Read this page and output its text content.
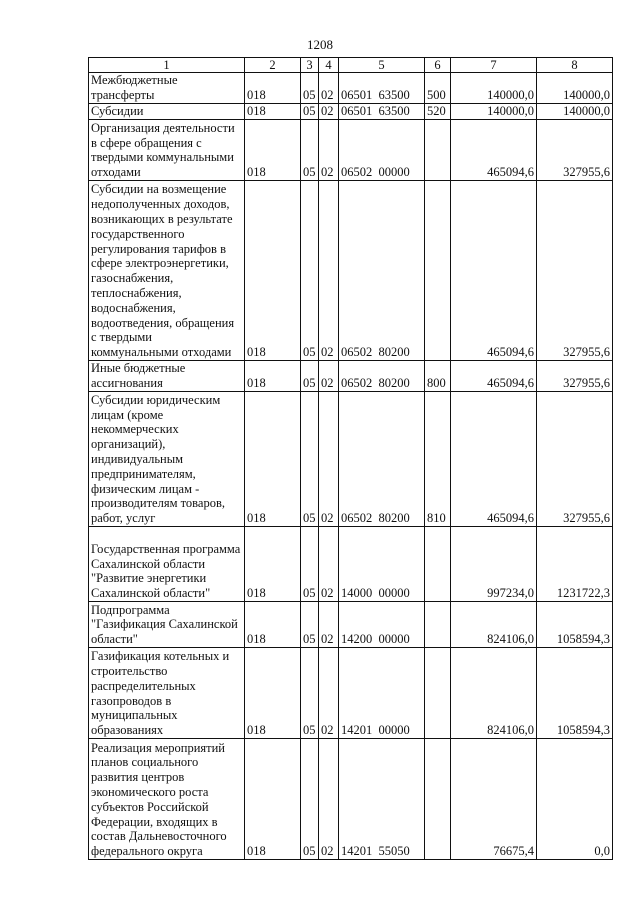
1208
1	2	3	4	5	6	7	8
Межбюджетные трансферты	018	05	02	06501  63500	500	140000,0	140000,0
Субсидии	018	05	02	06501  63500	520	140000,0	140000,0
Организация деятельности в сфере обращения с твердыми коммунальными отходами	018	05	02	06502  00000		465094,6	327955,6
Субсидии на возмещение недополученных доходов, возникающих в результате государственного регулирования тарифов в сфере электроэнергетики, газоснабжения, теплоснабжения, водоснабжения, водоотведения, обращения с твердыми коммунальными отходами	018	05	02	06502  80200		465094,6	327955,6
Иные бюджетные ассигнования	018	05	02	06502  80200	800	465094,6	327955,6
Субсидии юридическим лицам (кроме некоммерческих организаций), индивидуальным предпринимателям, физическим лицам - производителям товаров, работ, услуг	018	05	02	06502  80200	810	465094,6	327955,6
Государственная программа Сахалинской области "Развитие энергетики Сахалинской области"	018	05	02	14000  00000		997234,0	1231722,3
Подпрограмма "Газификация Сахалинской области"	018	05	02	14200  00000		824106,0	1058594,3
Газификация котельных и строительство распределительных газопроводов в муниципальных образованиях	018	05	02	14201  00000		824106,0	1058594,3
Реализация мероприятий планов социального развития центров экономического роста субъектов Российской Федерации, входящих в состав Дальневосточного федерального округа	018	05	02	14201  55050		76675,4	0,0
